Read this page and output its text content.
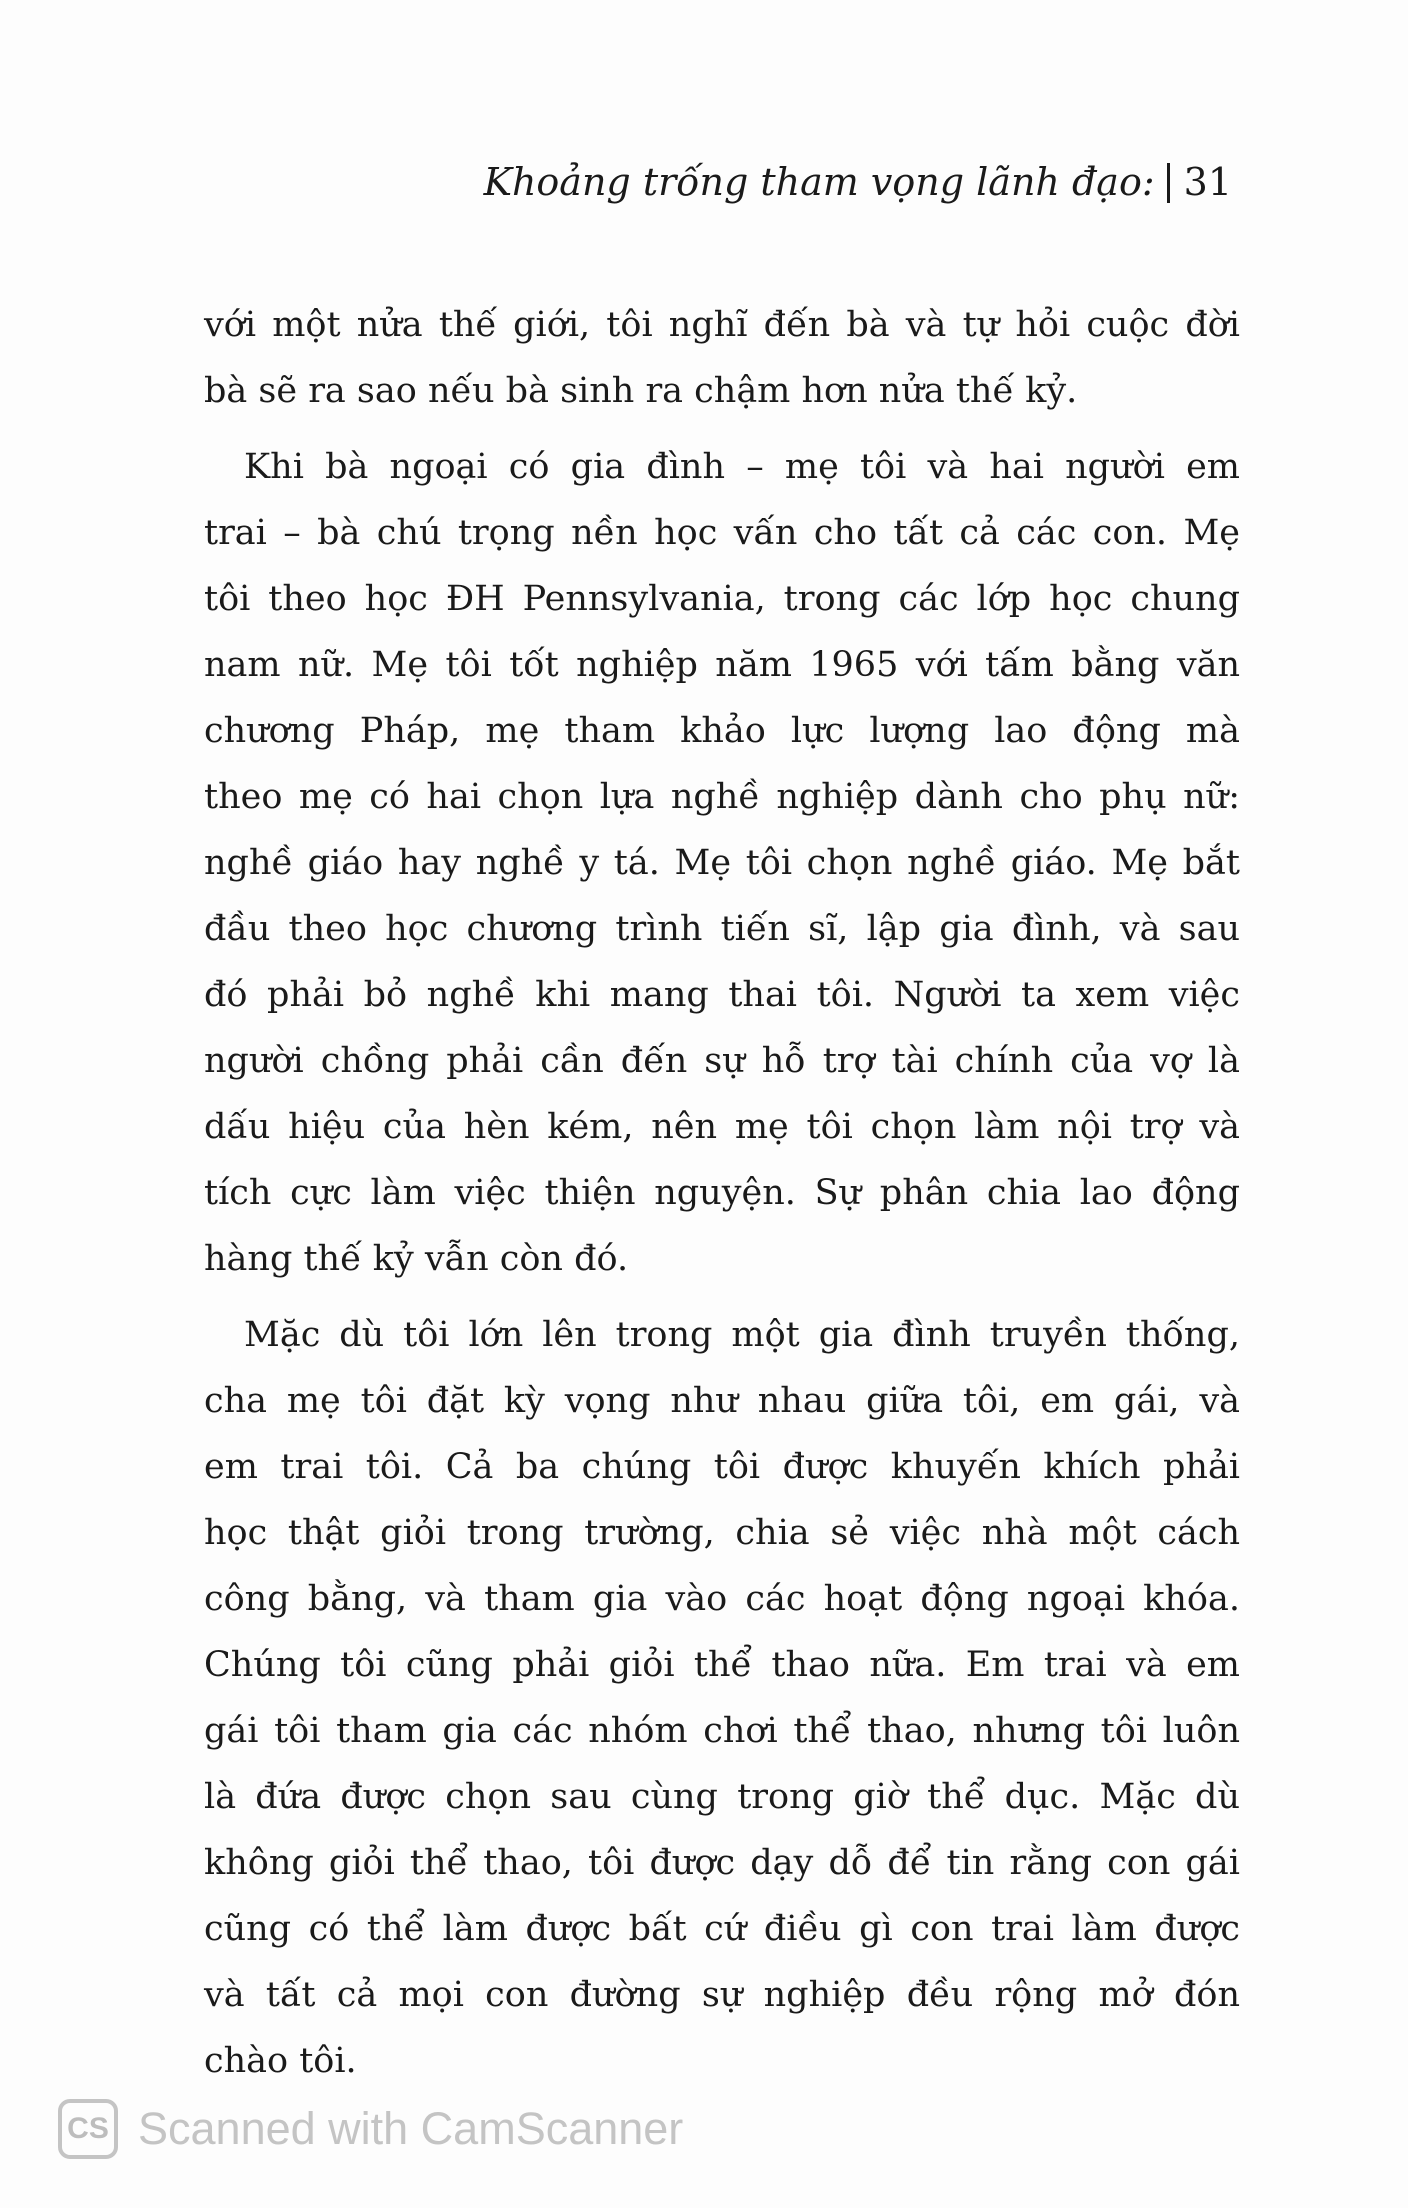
Khoảng trống tham vọng lãnh đạo: 31
với một nửa thế giới, tôi nghĩ đến bà và tự hỏi cuộc đời
bà sẽ ra sao nếu bà sinh ra chậm hơn nửa thế kỷ.
Khi bà ngoại có gia đình – mẹ tôi và hai người em
trai – bà chú trọng nền học vấn cho tất cả các con. Mẹ
tôi theo học ĐH Pennsylvania, trong các lớp học chung
nam nữ. Mẹ tôi tốt nghiệp năm 1965 với tấm bằng văn
chương Pháp, mẹ tham khảo lực lượng lao động mà
theo mẹ có hai chọn lựa nghề nghiệp dành cho phụ nữ:
nghề giáo hay nghề y tá. Mẹ tôi chọn nghề giáo. Mẹ bắt
đầu theo học chương trình tiến sĩ, lập gia đình, và sau
đó phải bỏ nghề khi mang thai tôi. Người ta xem việc
người chồng phải cần đến sự hỗ trợ tài chính của vợ là
dấu hiệu của hèn kém, nên mẹ tôi chọn làm nội trợ và
tích cực làm việc thiện nguyện. Sự phân chia lao động
hàng thế kỷ vẫn còn đó.
Mặc dù tôi lớn lên trong một gia đình truyền thống,
cha mẹ tôi đặt kỳ vọng như nhau giữa tôi, em gái, và
em trai tôi. Cả ba chúng tôi được khuyến khích phải
học thật giỏi trong trường, chia sẻ việc nhà một cách
công bằng, và tham gia vào các hoạt động ngoại khóa.
Chúng tôi cũng phải giỏi thể thao nữa. Em trai và em
gái tôi tham gia các nhóm chơi thể thao, nhưng tôi luôn
là đứa được chọn sau cùng trong giờ thể dục. Mặc dù
không giỏi thể thao, tôi được dạy dỗ để tin rằng con gái
cũng có thể làm được bất cứ điều gì con trai làm được
và tất cả mọi con đường sự nghiệp đều rộng mở đón
chào tôi.
CS Scanned with CamScanner
